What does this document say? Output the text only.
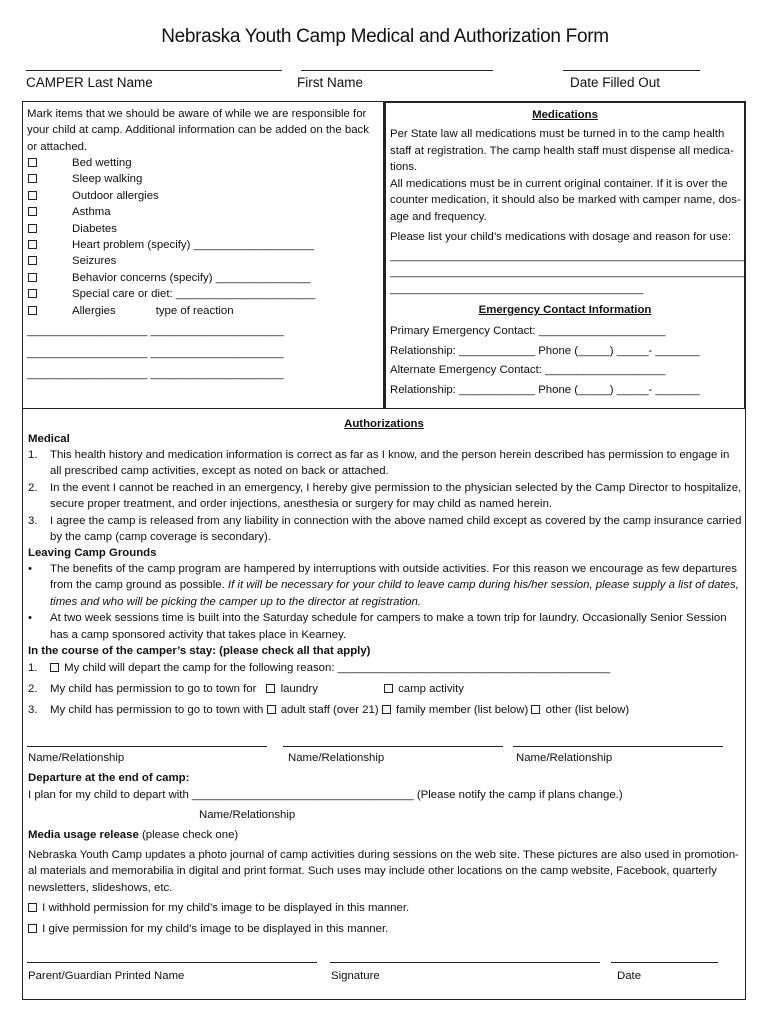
Nebraska Youth Camp Medical and Authorization Form
CAMPER Last Name	First Name	Date Filled Out
Mark items that we should be aware of while we are responsible for
your child at camp. Additional information can be added on the back
or attached.
Bed wetting
Sleep walking
Outdoor allergies
Asthma
Diabetes
Heart problem (specify) ___________________
Seizures
Behavior concerns (specify) _______________
Special care or diet: ______________________
Allergies	type of reaction
___________________ _____________________
___________________ _____________________
___________________ _____________________
Medications
Per State law all medications must be turned in to the camp health
staff at registration. The camp health staff must dispense all medica-
tions.
All medications must be in current original container. If it is over the
counter medication, it should also be marked with camper name, dos-
age and frequency.
Please list your child’s medications with dosage and reason for use:
________________________________________________________
________________________________________________________
________________________________________
Emergency Contact Information
Primary Emergency Contact: ____________________
Relationship: ____________ Phone (_____) _____- _______
Alternate Emergency Contact: ___________________
Relationship: ____________ Phone (_____) _____- _______
Authorizations
Medical
1. This health history and medication information is correct as far as I know, and the person herein described has permission to engage in
all prescribed camp activities, except as noted on back or attached.
2. In the event I cannot be reached in an emergency, I hereby give permission to the physician selected by the Camp Director to hospitalize,
secure proper treatment, and order injections, anesthesia or surgery for may child as named herein.
3. I agree the camp is released from any liability in connection with the above named child except as covered by the camp insurance carried
by the camp (camp coverage is secondary).
Leaving Camp Grounds
• The benefits of the camp program are hampered by interruptions with outside activities. For this reason we encourage as few departures
from the camp ground as possible. If it will be necessary for your child to leave camp during his/her session, please supply a list of dates,
times and who will be picking the camper up to the director at registration.
• At two week sessions time is built into the Saturday schedule for campers to make a town trip for laundry. Occasionally Senior Session
has a camp sponsored activity that takes place in Kearney.
In the course of the camper’s stay: (please check all that apply)
1. My child will depart the camp for the following reason: ___________________________________________
2. My child has permission to go to town for laundry	camp activity
3. My child has permission to go to town with adult staff (over 21) family member (list below) other (list below)
Name/Relationship	Name/Relationship	Name/Relationship
Departure at the end of camp:
I plan for my child to depart with ___________________________________ (Please notify the camp if plans change.)
Name/Relationship
Media usage release (please check one)
Nebraska Youth Camp updates a photo journal of camp activities during sessions on the web site. These pictures are also used in promotion-
al materials and memorabilia in digital and print format. Such uses may include other locations on the camp website, Facebook, quarterly
newsletters, slideshows, etc.
I withhold permission for my child’s image to be displayed in this manner.
I give permission for my child’s image to be displayed in this manner.
Parent/Guardian Printed Name	Signature	Date
